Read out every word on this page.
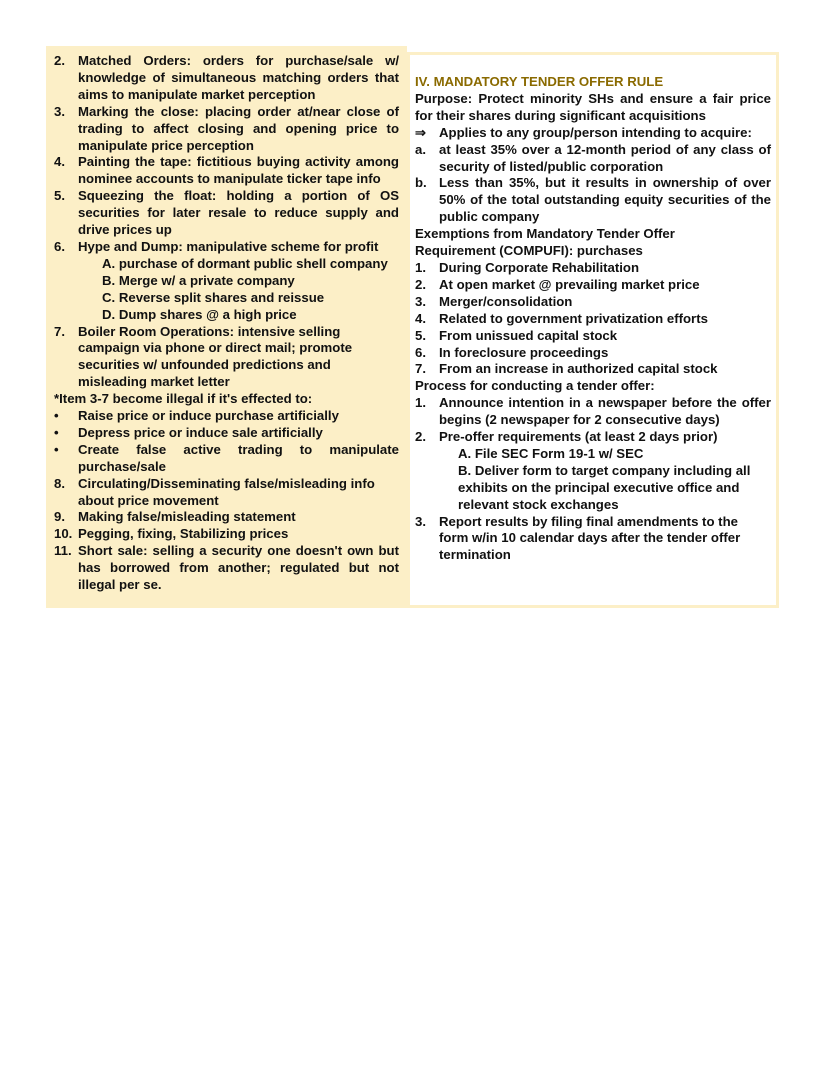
2. Matched Orders: orders for purchase/sale w/ knowledge of simultaneous matching orders that aims to manipulate market perception
3. Marking the close: placing order at/near close of trading to affect closing and opening price to manipulate price perception
4. Painting the tape: fictitious buying activity among nominee accounts to manipulate ticker tape info
5. Squeezing the float: holding a portion of OS securities for later resale to reduce supply and drive prices up
6. Hype and Dump: manipulative scheme for profit
A. purchase of dormant public shell company
B. Merge w/ a private company
C. Reverse split shares and reissue
D. Dump shares @ a high price
7. Boiler Room Operations: intensive selling campaign via phone or direct mail; promote securities w/ unfounded predictions and misleading market letter
*Item 3-7 become illegal if it's effected to:
•	Raise price or induce purchase artificially
•	Depress price or induce sale artificially
•	Create false active trading to manipulate purchase/sale
8. Circulating/Disseminating false/misleading info about price movement
9. Making false/misleading statement
10. Pegging, fixing, Stabilizing prices
11. Short sale: selling a security one doesn't own but has borrowed from another; regulated but not illegal per se.
IV. MANDATORY TENDER OFFER RULE
Purpose: Protect minority SHs and ensure a fair price for their shares during significant acquisitions
⇒ Applies to any group/person intending to acquire:
a. at least 35% over a 12-month period of any class of security of listed/public corporation
b. Less than 35%, but it results in ownership of over 50% of the total outstanding equity securities of the public company
Exemptions from Mandatory Tender Offer
Requirement (COMPUFI): purchases
1. During Corporate Rehabilitation
2. At open market @ prevailing market price
3. Merger/consolidation
4. Related to government privatization efforts
5. From unissued capital stock
6. In foreclosure proceedings
7. From an increase in authorized capital stock
Process for conducting a tender offer:
1. Announce intention in a newspaper before the offer begins (2 newspaper for 2 consecutive days)
2. Pre-offer requirements (at least 2 days prior)
A. File SEC Form 19-1 w/ SEC
B. Deliver form to target company including all exhibits on the principal executive office and relevant stock exchanges
3. Report results by filing final amendments to the form w/in 10 calendar days after the tender offer termination
